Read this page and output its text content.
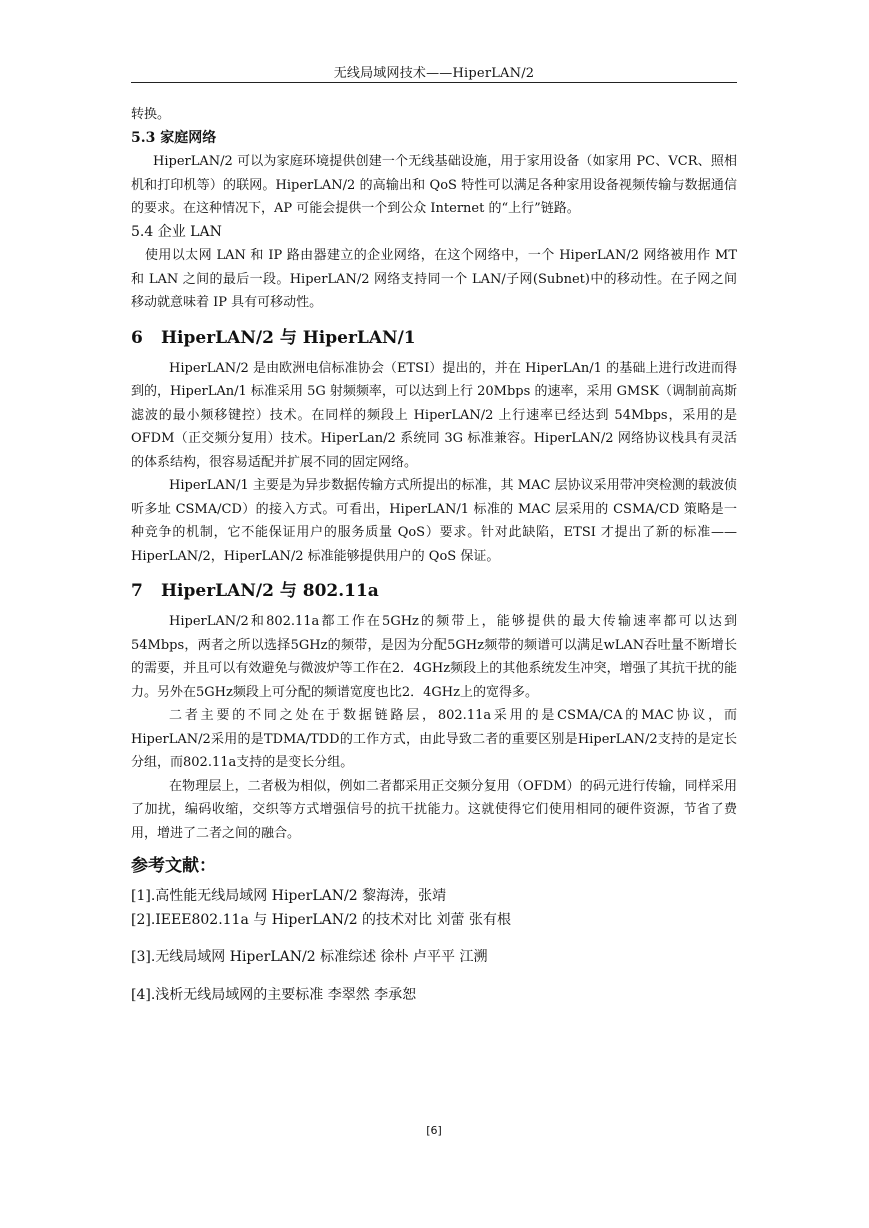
无线局域网技术——HiperLAN/2

转换。

5.3 家庭网络

HiperLAN/2 可以为家庭环境提供创建一个无线基础设施，用于家用设备（如家用 PC、VCR、照相机和打印机等）的联网。HiperLAN/2 的高输出和 QoS 特性可以满足各种家用设备视频传输与数据通信的要求。在这种情况下，AP 可能会提供一个到公众 Internet 的“上行”链路。

5.4 企业 LAN

使用以太网 LAN 和 IP 路由器建立的企业网络，在这个网络中，一个 HiperLAN/2 网络被用作 MT 和 LAN 之间的最后一段。HiperLAN/2 网络支持同一个 LAN/子网(Subnet)中的移动性。在子网之间移动就意味着 IP 具有可移动性。

6 HiperLAN/2 与 HiperLAN/1

HiperLAN/2 是由欧洲电信标准协会（ETSI）提出的，并在 HiperLAn/1 的基础上进行改进而得到的，HiperLAn/1 标准采用 5G 射频频率，可以达到上行 20Mbps 的速率，采用 GMSK（调制前高斯滤波的最小频移键控）技术。在同样的频段上 HiperLAN/2 上行速率已经达到 54Mbps，采用的是 OFDM（正交频分复用）技术。HiperLan/2 系统同 3G 标准兼容。HiperLAN/2 网络协议栈具有灵活的体系结构，很容易适配并扩展不同的固定网络。

HiperLAN/1 主要是为异步数据传输方式所提出的标准，其 MAC 层协议采用带冲突检测的载波侦听多址 CSMA/CD）的接入方式。可看出，HiperLAN/1 标准的 MAC 层采用的 CSMA/CD 策略是一种竞争的机制，它不能保证用户的服务质量 QoS）要求。针对此缺陷，ETSI 才提出了新的标准——HiperLAN/2，HiperLAN/2 标准能够提供用户的 QoS 保证。

7 HiperLAN/2 与 802.11a

HiperLAN/2和802.11a都工作在5GHz的频带上，能够提供的最大传输速率都可以达到54Mbps，两者之所以选择5GHz的频带，是因为分配5GHz频带的频谱可以满足wLAN吞吐量不断增长的需要，并且可以有效避免与微波炉等工作在2．4GHz频段上的其他系统发生冲突，增强了其抗干扰的能力。另外在5GHz频段上可分配的频谱宽度也比2．4GHz上的宽得多。

二者主要的不同之处在于数据链路层，802.11a采用的是CSMA/CA的MAC协议，而HiperLAN/2采用的是TDMA/TDD的工作方式，由此导致二者的重要区别是HiperLAN/2支持的是定长分组，而802.11a支持的是变长分组。

在物理层上，二者极为相似，例如二者都采用正交频分复用（OFDM）的码元进行传输，同样采用了加扰，编码收缩，交织等方式增强信号的抗干扰能力。这就使得它们使用相同的硬件资源，节省了费用，增进了二者之间的融合。

参考文献：
[1].高性能无线局域网 HiperLAN/2 黎海涛，张靖
[2].IEEE802.11a 与 HiperLAN/2 的技术对比 刘蕾 张有根
[3].无线局域网 HiperLAN/2 标准综述 徐朴 卢平平 江溯
[4].浅析无线局域网的主要标准 李翠然 李承恕
[6]
